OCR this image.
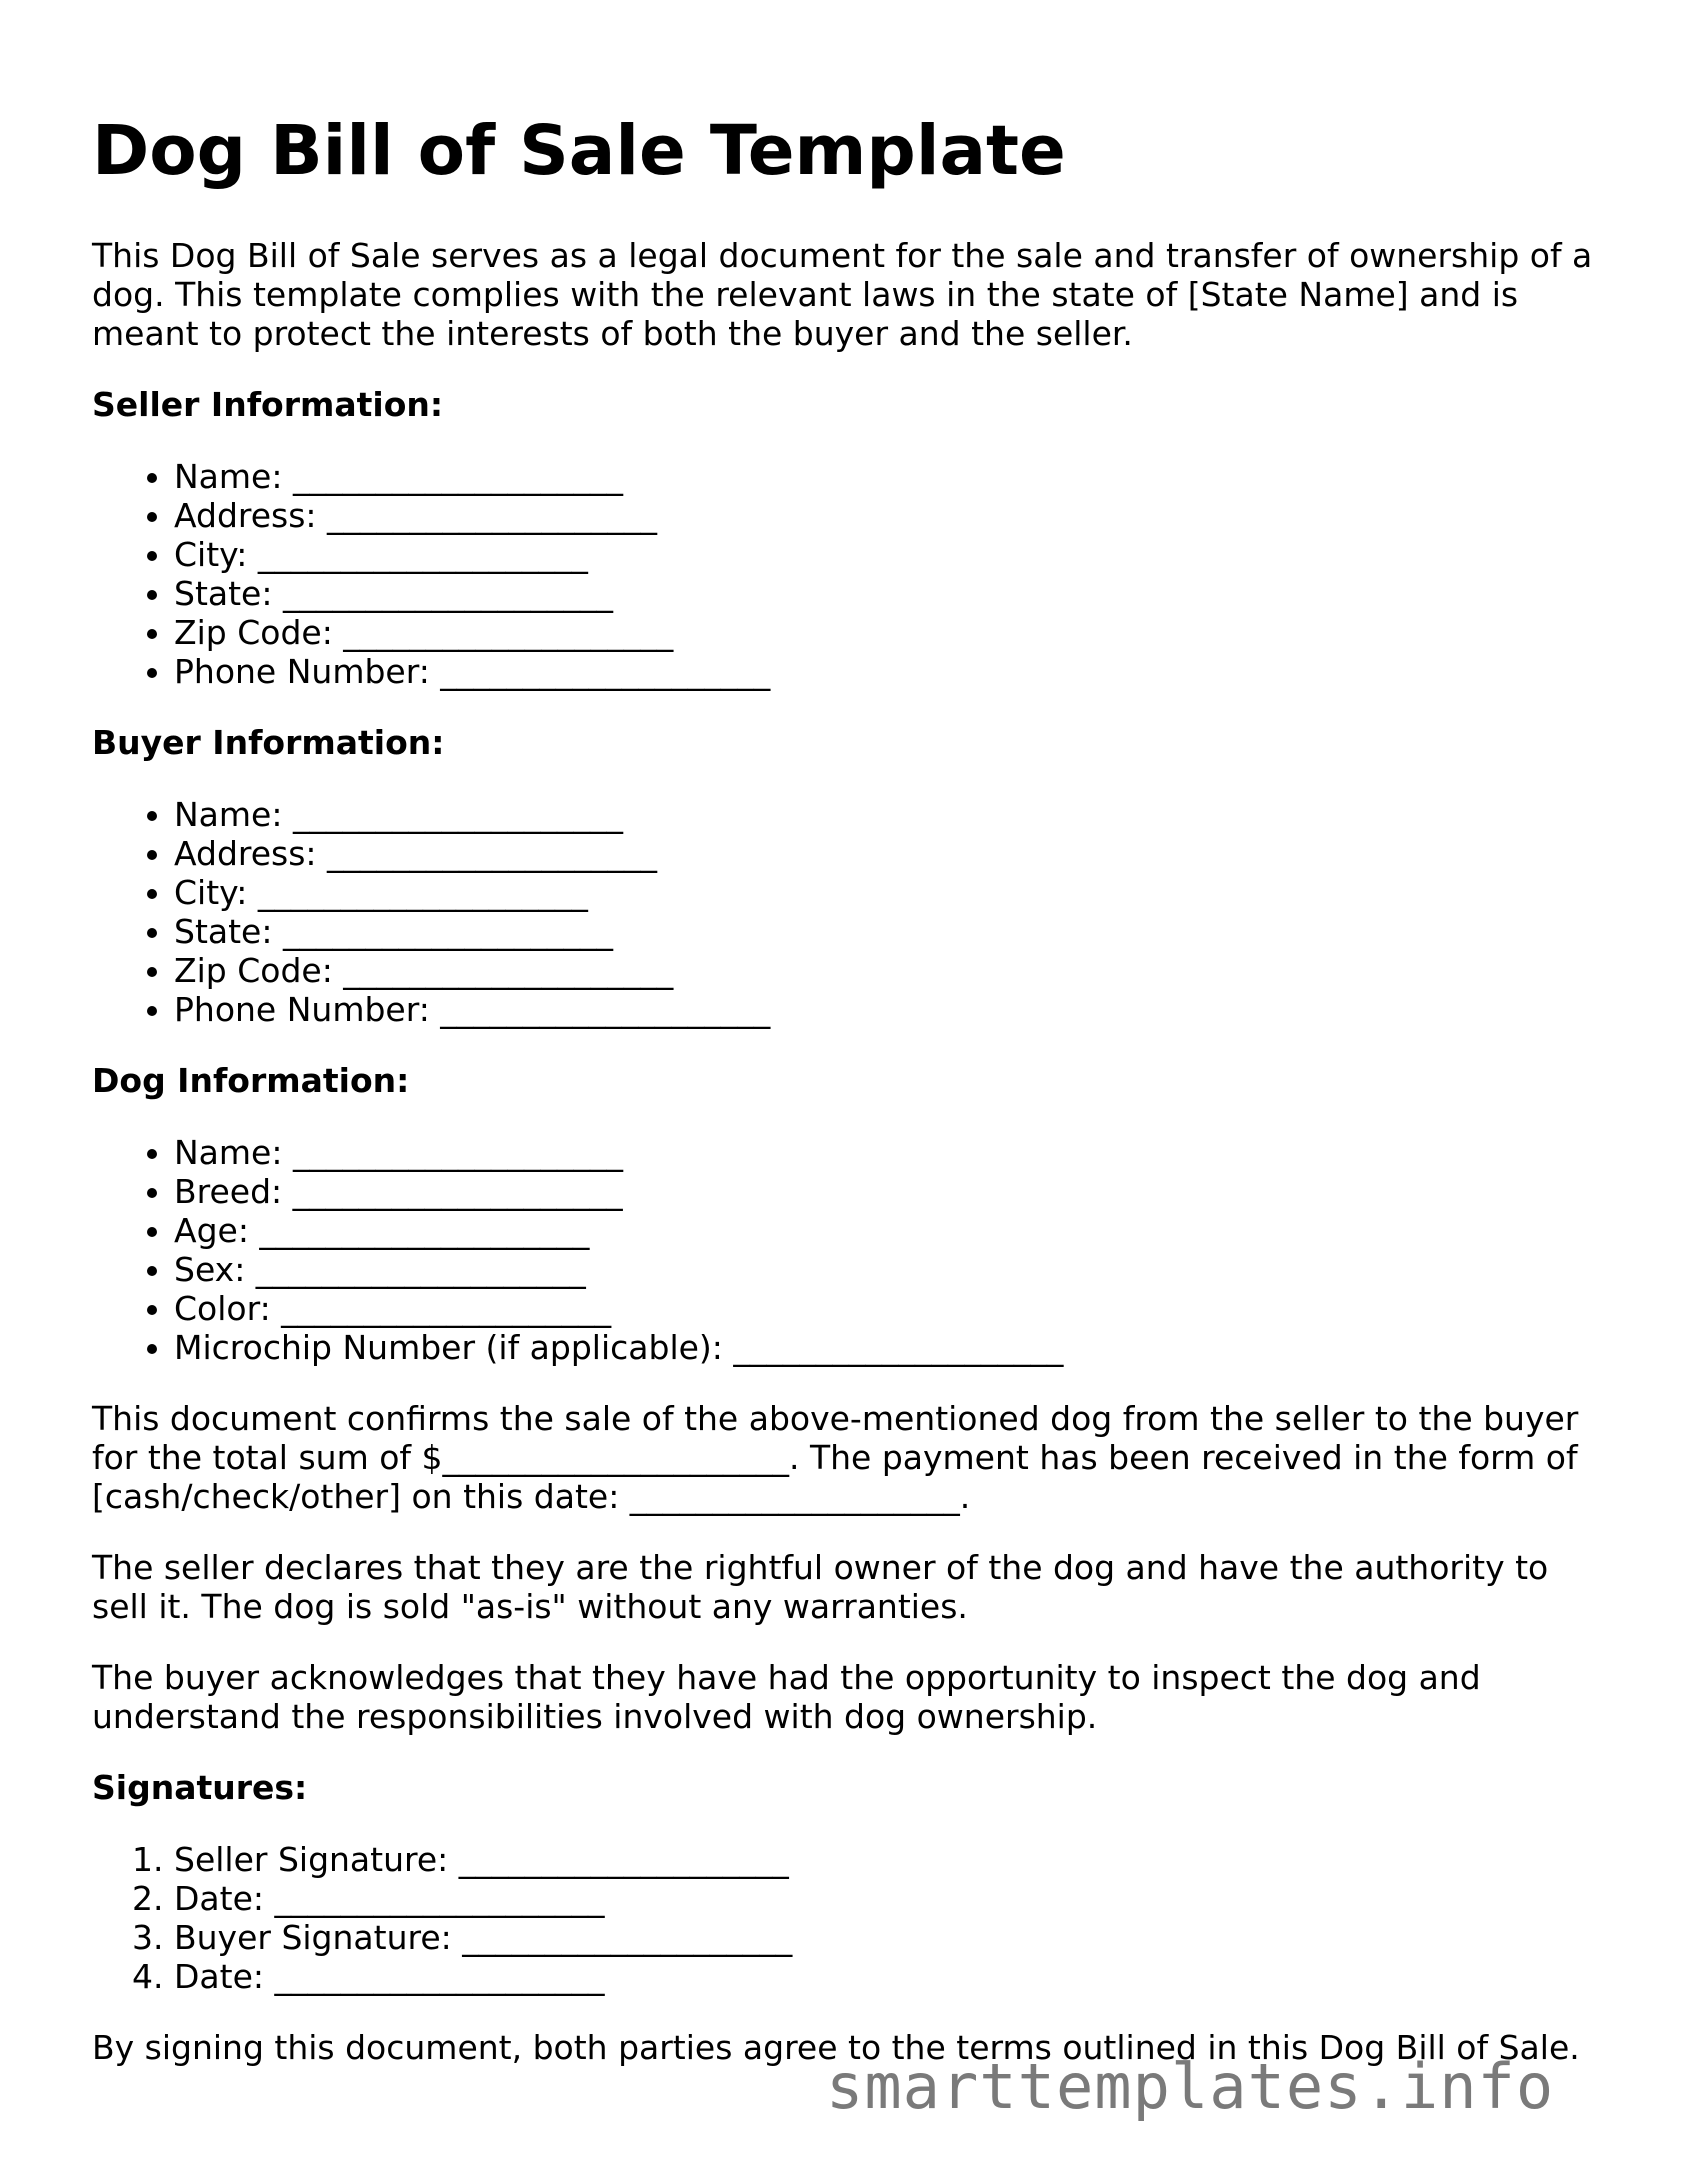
Dog Bill of Sale Template

This Dog Bill of Sale serves as a legal document for the sale and transfer of ownership of a dog. This template complies with the relevant laws in the state of [State Name] and is meant to protect the interests of both the buyer and the seller.

Seller Information:
• Name: ____________________
• Address: ____________________
• City: ____________________
• State: ____________________
• Zip Code: ____________________
• Phone Number: ____________________
Buyer Information:
• Name: ____________________
• Address: ____________________
• City: ____________________
• State: ____________________
• Zip Code: ____________________
• Phone Number: ____________________
Dog Information:
• Name: ____________________
• Breed: ____________________
• Age: ____________________
• Sex: ____________________
• Color: ____________________
• Microchip Number (if applicable): ____________________

This document confirms the sale of the above-mentioned dog from the seller to the buyer for the total sum of $_____________________. The payment has been received in the form of [cash/check/other] on this date: ____________________.

The seller declares that they are the rightful owner of the dog and have the authority to sell it. The dog is sold "as-is" without any warranties.

The buyer acknowledges that they have had the opportunity to inspect the dog and understand the responsibilities involved with dog ownership.

Signatures:
1. Seller Signature: ____________________
2. Date: ____________________
3. Buyer Signature: ____________________
4. Date: ____________________

By signing this document, both parties agree to the terms outlined in this Dog Bill of Sale.

smarttemplates.info
